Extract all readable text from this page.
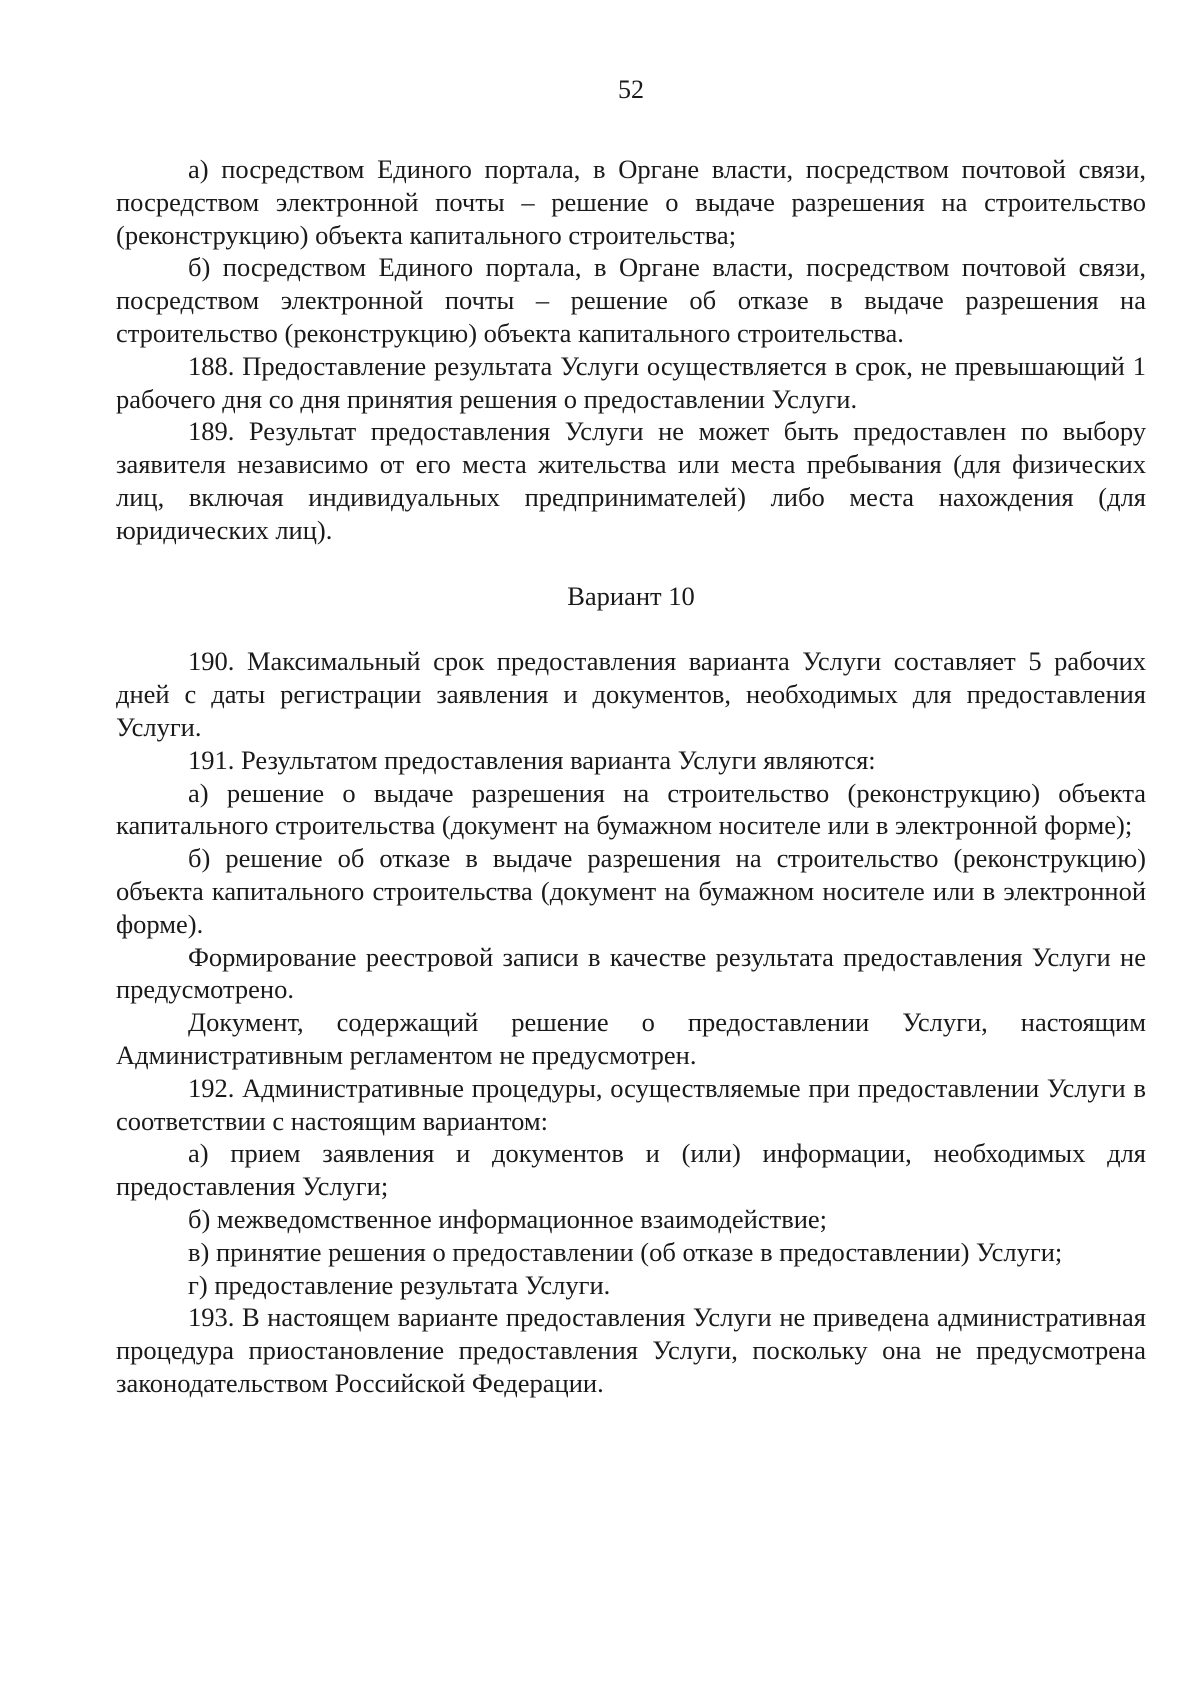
52

а) посредством Единого портала, в Органе власти, посредством почтовой связи, посредством электронной почты – решение о выдаче разрешения на строительство (реконструкцию) объекта капитального строительства;

б) посредством Единого портала, в Органе власти, посредством почтовой связи, посредством электронной почты – решение об отказе в выдаче разрешения на строительство (реконструкцию) объекта капитального строительства.

188. Предоставление результата Услуги осуществляется в срок, не превышающий 1 рабочего дня со дня принятия решения о предоставлении Услуги.

189. Результат предоставления Услуги не может быть предоставлен по выбору заявителя независимо от его места жительства или места пребывания (для физических лиц, включая индивидуальных предпринимателей) либо места нахождения (для юридических лиц).

Вариант 10

190. Максимальный срок предоставления варианта Услуги составляет 5 рабочих дней с даты регистрации заявления и документов, необходимых для предоставления Услуги.

191. Результатом предоставления варианта Услуги являются:

а) решение о выдаче разрешения на строительство (реконструкцию) объекта капитального строительства (документ на бумажном носителе или в электронной форме);

б) решение об отказе в выдаче разрешения на строительство (реконструкцию) объекта капитального строительства (документ на бумажном носителе или в электронной форме).

Формирование реестровой записи в качестве результата предоставления Услуги не предусмотрено.

Документ, содержащий решение о предоставлении Услуги, настоящим Административным регламентом не предусмотрен.

192. Административные процедуры, осуществляемые при предоставлении Услуги в соответствии с настоящим вариантом:

а) прием заявления и документов и (или) информации, необходимых для предоставления Услуги;

б) межведомственное информационное взаимодействие;

в) принятие решения о предоставлении (об отказе в предоставлении) Услуги;

г) предоставление результата Услуги.

193. В настоящем варианте предоставления Услуги не приведена административная процедура приостановление предоставления Услуги, поскольку она не предусмотрена законодательством Российской Федерации.
